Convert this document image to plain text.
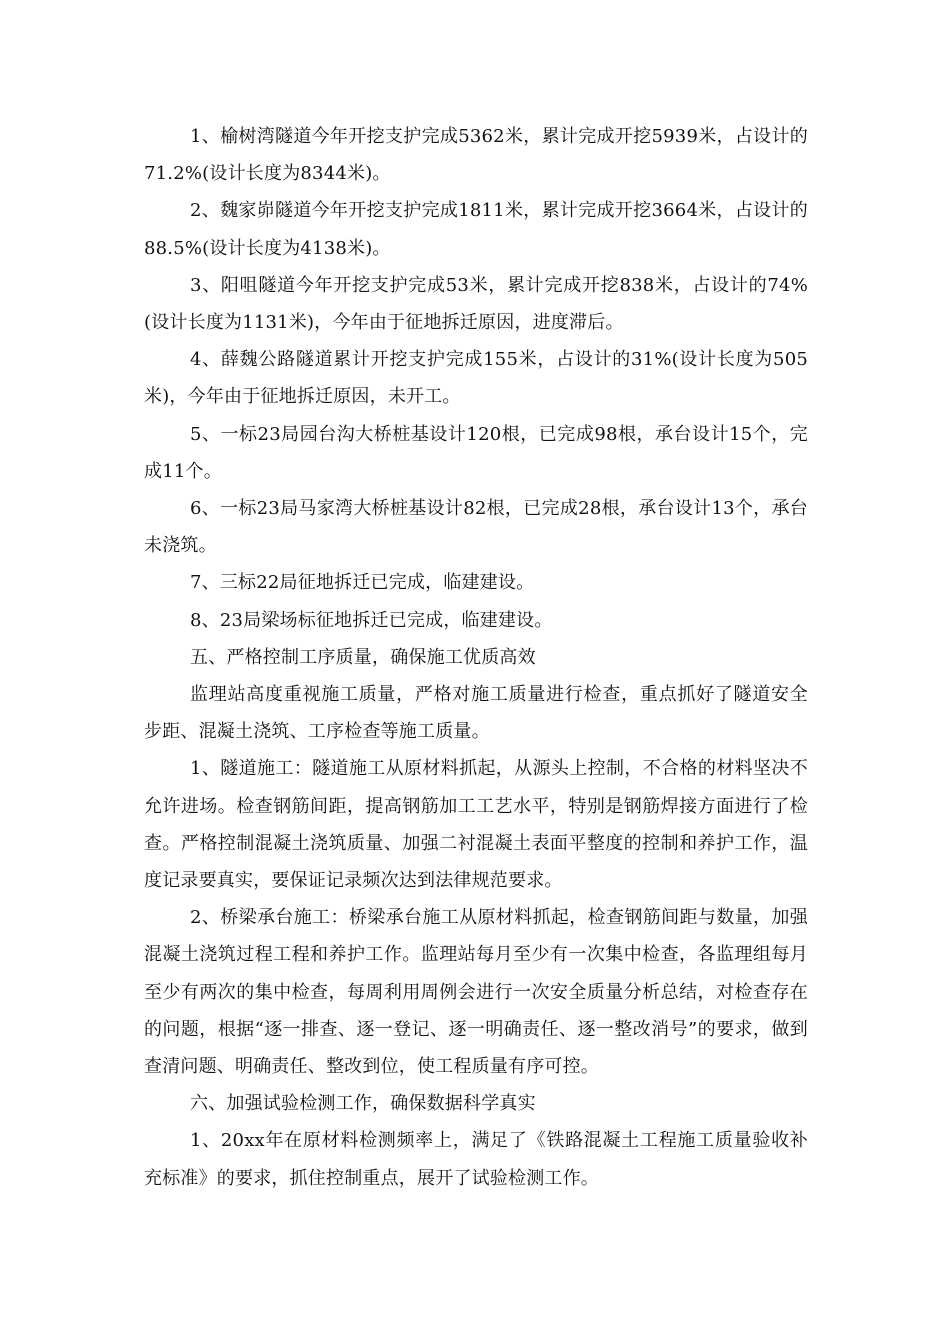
1、榆树湾隧道今年开挖支护完成5362米，累计完成开挖5939米，占设计的71.2%(设计长度为8344米)。

2、魏家峁隧道今年开挖支护完成1811米，累计完成开挖3664米，占设计的88.5%(设计长度为4138米)。

3、阳咀隧道今年开挖支护完成53米，累计完成开挖838米，占设计的74%(设计长度为1131米)，今年由于征地拆迁原因，进度滞后。

4、薛魏公路隧道累计开挖支护完成155米，占设计的31%(设计长度为505米)，今年由于征地拆迁原因，未开工。

5、一标23局园台沟大桥桩基设计120根，已完成98根，承台设计15个，完成11个。

6、一标23局马家湾大桥桩基设计82根，已完成28根，承台设计13个，承台未浇筑。

7、三标22局征地拆迁已完成，临建建设。

8、23局梁场标征地拆迁已完成，临建建设。

五、严格控制工序质量，确保施工优质高效

监理站高度重视施工质量，严格对施工质量进行检查，重点抓好了隧道安全步距、混凝土浇筑、工序检查等施工质量。

1、隧道施工：隧道施工从原材料抓起，从源头上控制，不合格的材料坚决不允许进场。检查钢筋间距，提高钢筋加工工艺水平，特别是钢筋焊接方面进行了检查。严格控制混凝土浇筑质量、加强二衬混凝土表面平整度的控制和养护工作，温度记录要真实，要保证记录频次达到法律规范要求。

2、桥梁承台施工：桥梁承台施工从原材料抓起，检查钢筋间距与数量，加强混凝土浇筑过程工程和养护工作。监理站每月至少有一次集中检查，各监理组每月至少有两次的集中检查，每周利用周例会进行一次安全质量分析总结，对检查存在的问题，根据“逐一排查、逐一登记、逐一明确责任、逐一整改消号”的要求，做到查清问题、明确责任、整改到位，使工程质量有序可控。

六、加强试验检测工作，确保数据科学真实

1、20xx年在原材料检测频率上，满足了《铁路混凝土工程施工质量验收补充标准》的要求，抓住控制重点，展开了试验检测工作。
